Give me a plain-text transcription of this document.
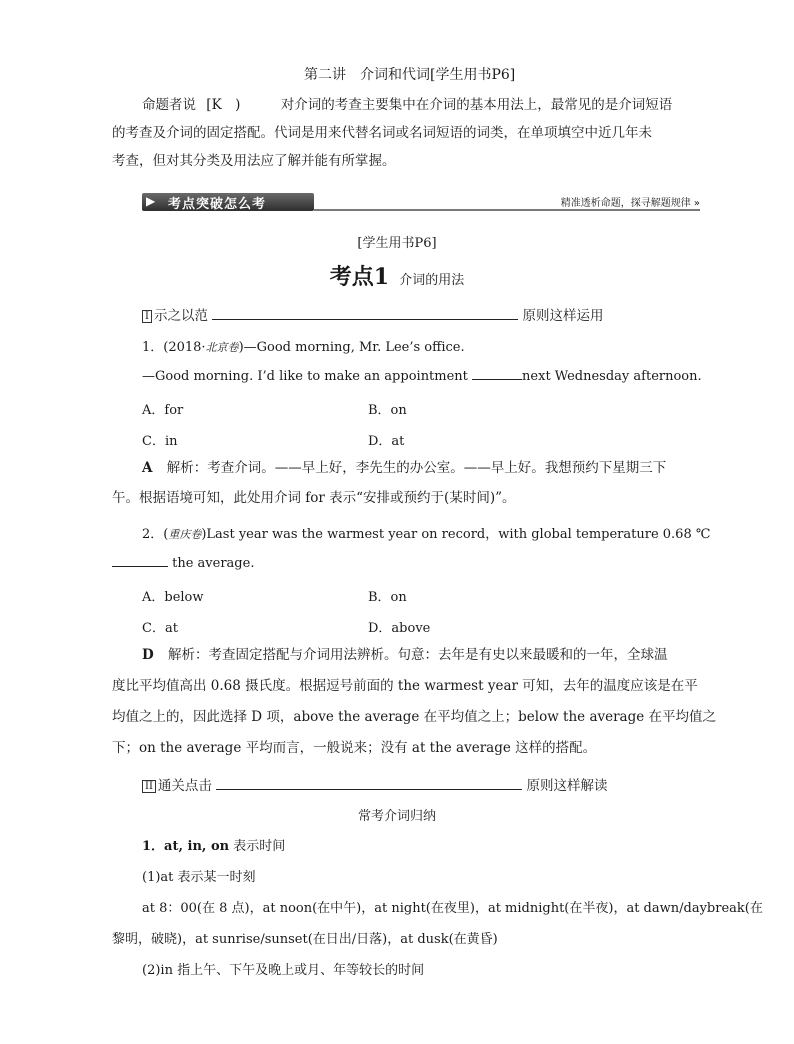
第二讲　介词和代词[学生用书P6]
命题者说 [K　)	对介词的考查主要集中在介词的基本用法上，最常见的是介词短语
的考查及介词的固定搭配。代词是用来代替名词或名词短语的词类，在单项填空中近几年未
考查，但对其分类及用法应了解并能有所掌握。
▶ 考点突破怎么考	精准透析命题，探寻解题规律 »
[学生用书P6]
考点1 介词的用法
I 示之以范	原则这样运用
1．(2018·北京卷)—Good morning, Mr. Lee’s office.
—Good morning. I’d like to make an appointment	next Wednesday afternoon.
A．for	B．on
C．in	D．at
A 解析：考查介词。——早上好，李先生的办公室。——早上好。我想预约下星期三下
午。根据语境可知，此处用介词 for 表示“安排或预约于(某时间)”。
2．(重庆卷)Last year was the warmest year on record，with global temperature 0.68 ℃
the average.
A．below	B．on
C．at	D．above
D 解析：考查固定搭配与介词用法辨析。句意：去年是有史以来最暖和的一年，全球温
度比平均值高出 0.68 摄氏度。根据逗号前面的 the warmest year 可知，去年的温度应该是在平
均值之上的，因此选择 D 项，above the average 在平均值之上；below the average 在平均值之
下；on the average 平均而言，一般说来；没有 at the average 这样的搭配。
II 通关点击	原则这样解读
常考介词归纳
1．at, in, on 表示时间
(1)at 表示某一时刻
at 8：00(在 8 点)，at noon(在中午)，at night(在夜里)，at midnight(在半夜)，at dawn/daybreak(在
黎明，破晓)，at sunrise/sunset(在日出/日落)，at dusk(在黄昏)
(2)in 指上午、下午及晚上或月、年等较长的时间
